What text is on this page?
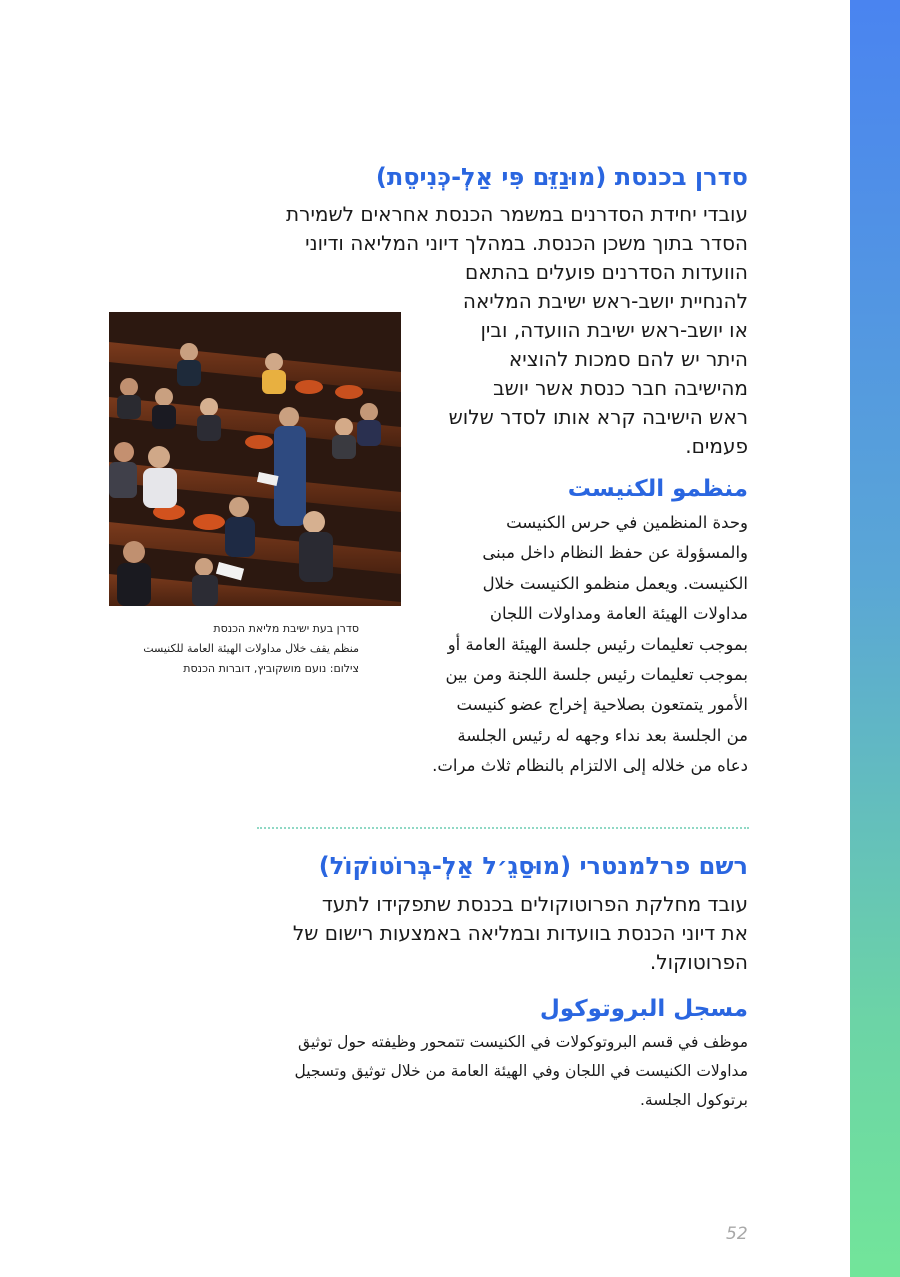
סדרן בכנסת (מוּנַזֵּם פִּי אַלְ-כְּנִיסֵת)
עובדי יחידת הסדרנים במשמר הכנסת אחראים לשמירת
הסדר בתוך משכן הכנסת. במהלך דיוני המליאה ודיוני
הוועדות הסדרנים פועלים בהתאם
להנחיית יושב-ראש ישיבת המליאה
או יושב-ראש ישיבת הוועדה, ובין
היתר יש להם סמכות להוציא
מהישיבה חבר כנסת אשר יושב
ראש הישיבה קרא אותו לסדר שלוש
פעמים.
סדרן בעת ישיבת מליאת הכנסת
منظم يقف خلال مداولات الهيئة العامة للكنيست
צילום: נועם מושקוביץ, דוברות הכנסת
منظمو الكنيست
وحدة المنظمين في حرس الكنيست
والمسؤولة عن حفظ النظام داخل مبنى
الكنيست. ويعمل منظمو الكنيست خلال
مداولات الهيئة العامة ومداولات اللجان
بموجب تعليمات رئيس جلسة الهيئة العامة أو
بموجب تعليمات رئيس جلسة اللجنة ومن بين
الأمور يتمتعون بصلاحية إخراج عضو كنيست
من الجلسة بعد نداء وجهه له رئيس الجلسة
دعاه من خلاله إلى الالتزام بالنظام ثلاث مرات.
רשם פרלמנטרי (מוּסַגֵ׳ל אַלְ-בְּרוֹטוֹקוֹל)
עובד מחלקת הפרוטוקולים בכנסת שתפקידו לתעד
את דיוני הכנסת בוועדות ובמליאה באמצעות רישום של
הפרוטוקול.
مسجل البروتوكول
موظف في قسم البروتوكولات في الكنيست تتمحور وظيفته حول توثيق
مداولات الكنيست في اللجان وفي الهيئة العامة من خلال توثيق وتسجيل
برتوكول الجلسة.
52
